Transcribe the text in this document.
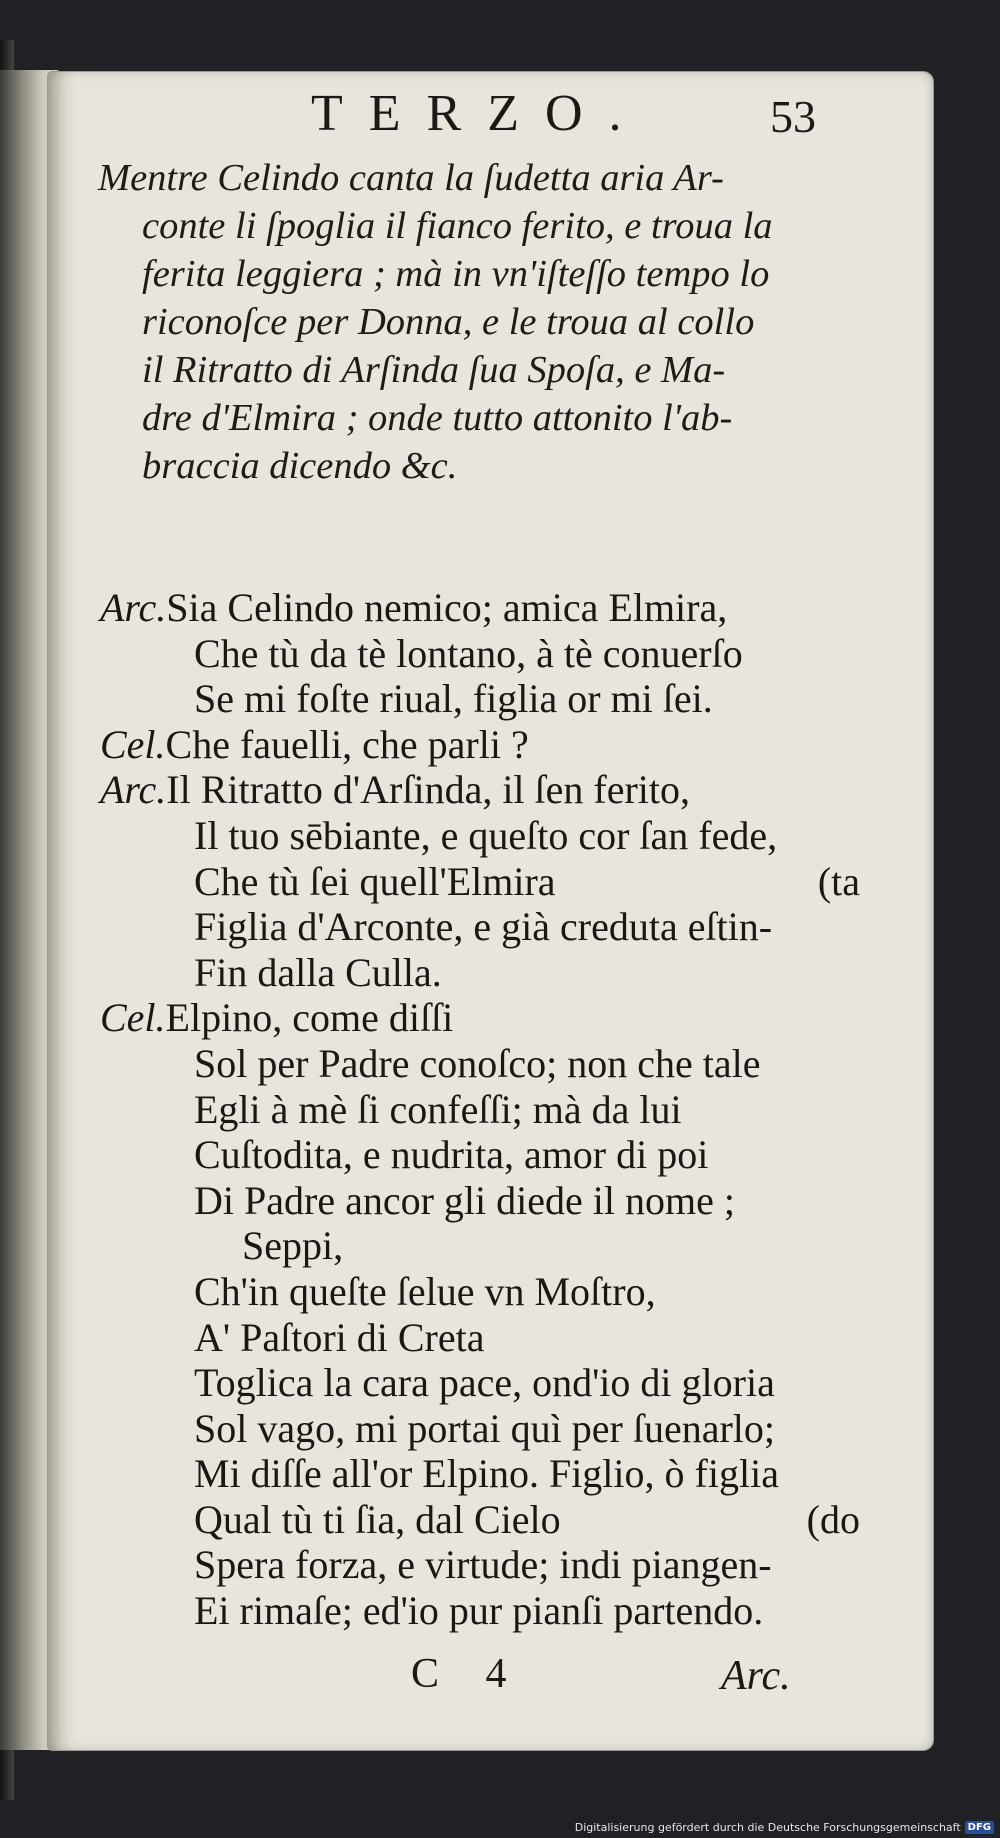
TERZO.	53
Mentre Celindo canta la ſudetta aria Ar-
conte li ſpoglia il fianco ferito, e troua la
ferita leggiera ; mà in vn'iſteſſo tempo lo
riconoſce per Donna, e le troua al collo
il Ritratto di Arſinda ſua Spoſa, e Ma-
dre d'Elmira ; onde tutto attonito l'ab-
braccia dicendo &c.
Arc.Sia Celindo nemico; amica Elmira,
Che tù da tè lontano, à tè conuerſo
Se mi foſte riual, figlia or mi ſei.
Cel.Che fauelli, che parli ?
Arc.Il Ritratto d'Arſinda, il ſen ferito,
Il tuo sēbiante, e queſto cor ſan fede,
Che tù ſei quell'Elmira	(ta
Figlia d'Arconte, e già creduta eſtin-
Fin dalla Culla.
Cel.Elpino, come diſſi
Sol per Padre conoſco; non che tale
Egli à mè ſi confeſſi; mà da lui
Cuſtodita, e nudrita, amor di poi
Di Padre ancor gli diede il nome ;
Seppi,
Ch'in queſte ſelue vn Moſtro,
A' Paſtori di Creta
Toglica la cara pace, ond'io di gloria
Sol vago, mi portai quì per ſuenarlo;
Mi diſſe all'or Elpino. Figlio, ò figlia
Qual tù ti ſia, dal Cielo	(do
Spera forza, e virtude; indi piangen-
Ei rimaſe; ed'io pur pianſi partendo.
C 4	Arc.
Digitalisierung gefördert durch die Deutsche Forschungsgemeinschaft DFG
